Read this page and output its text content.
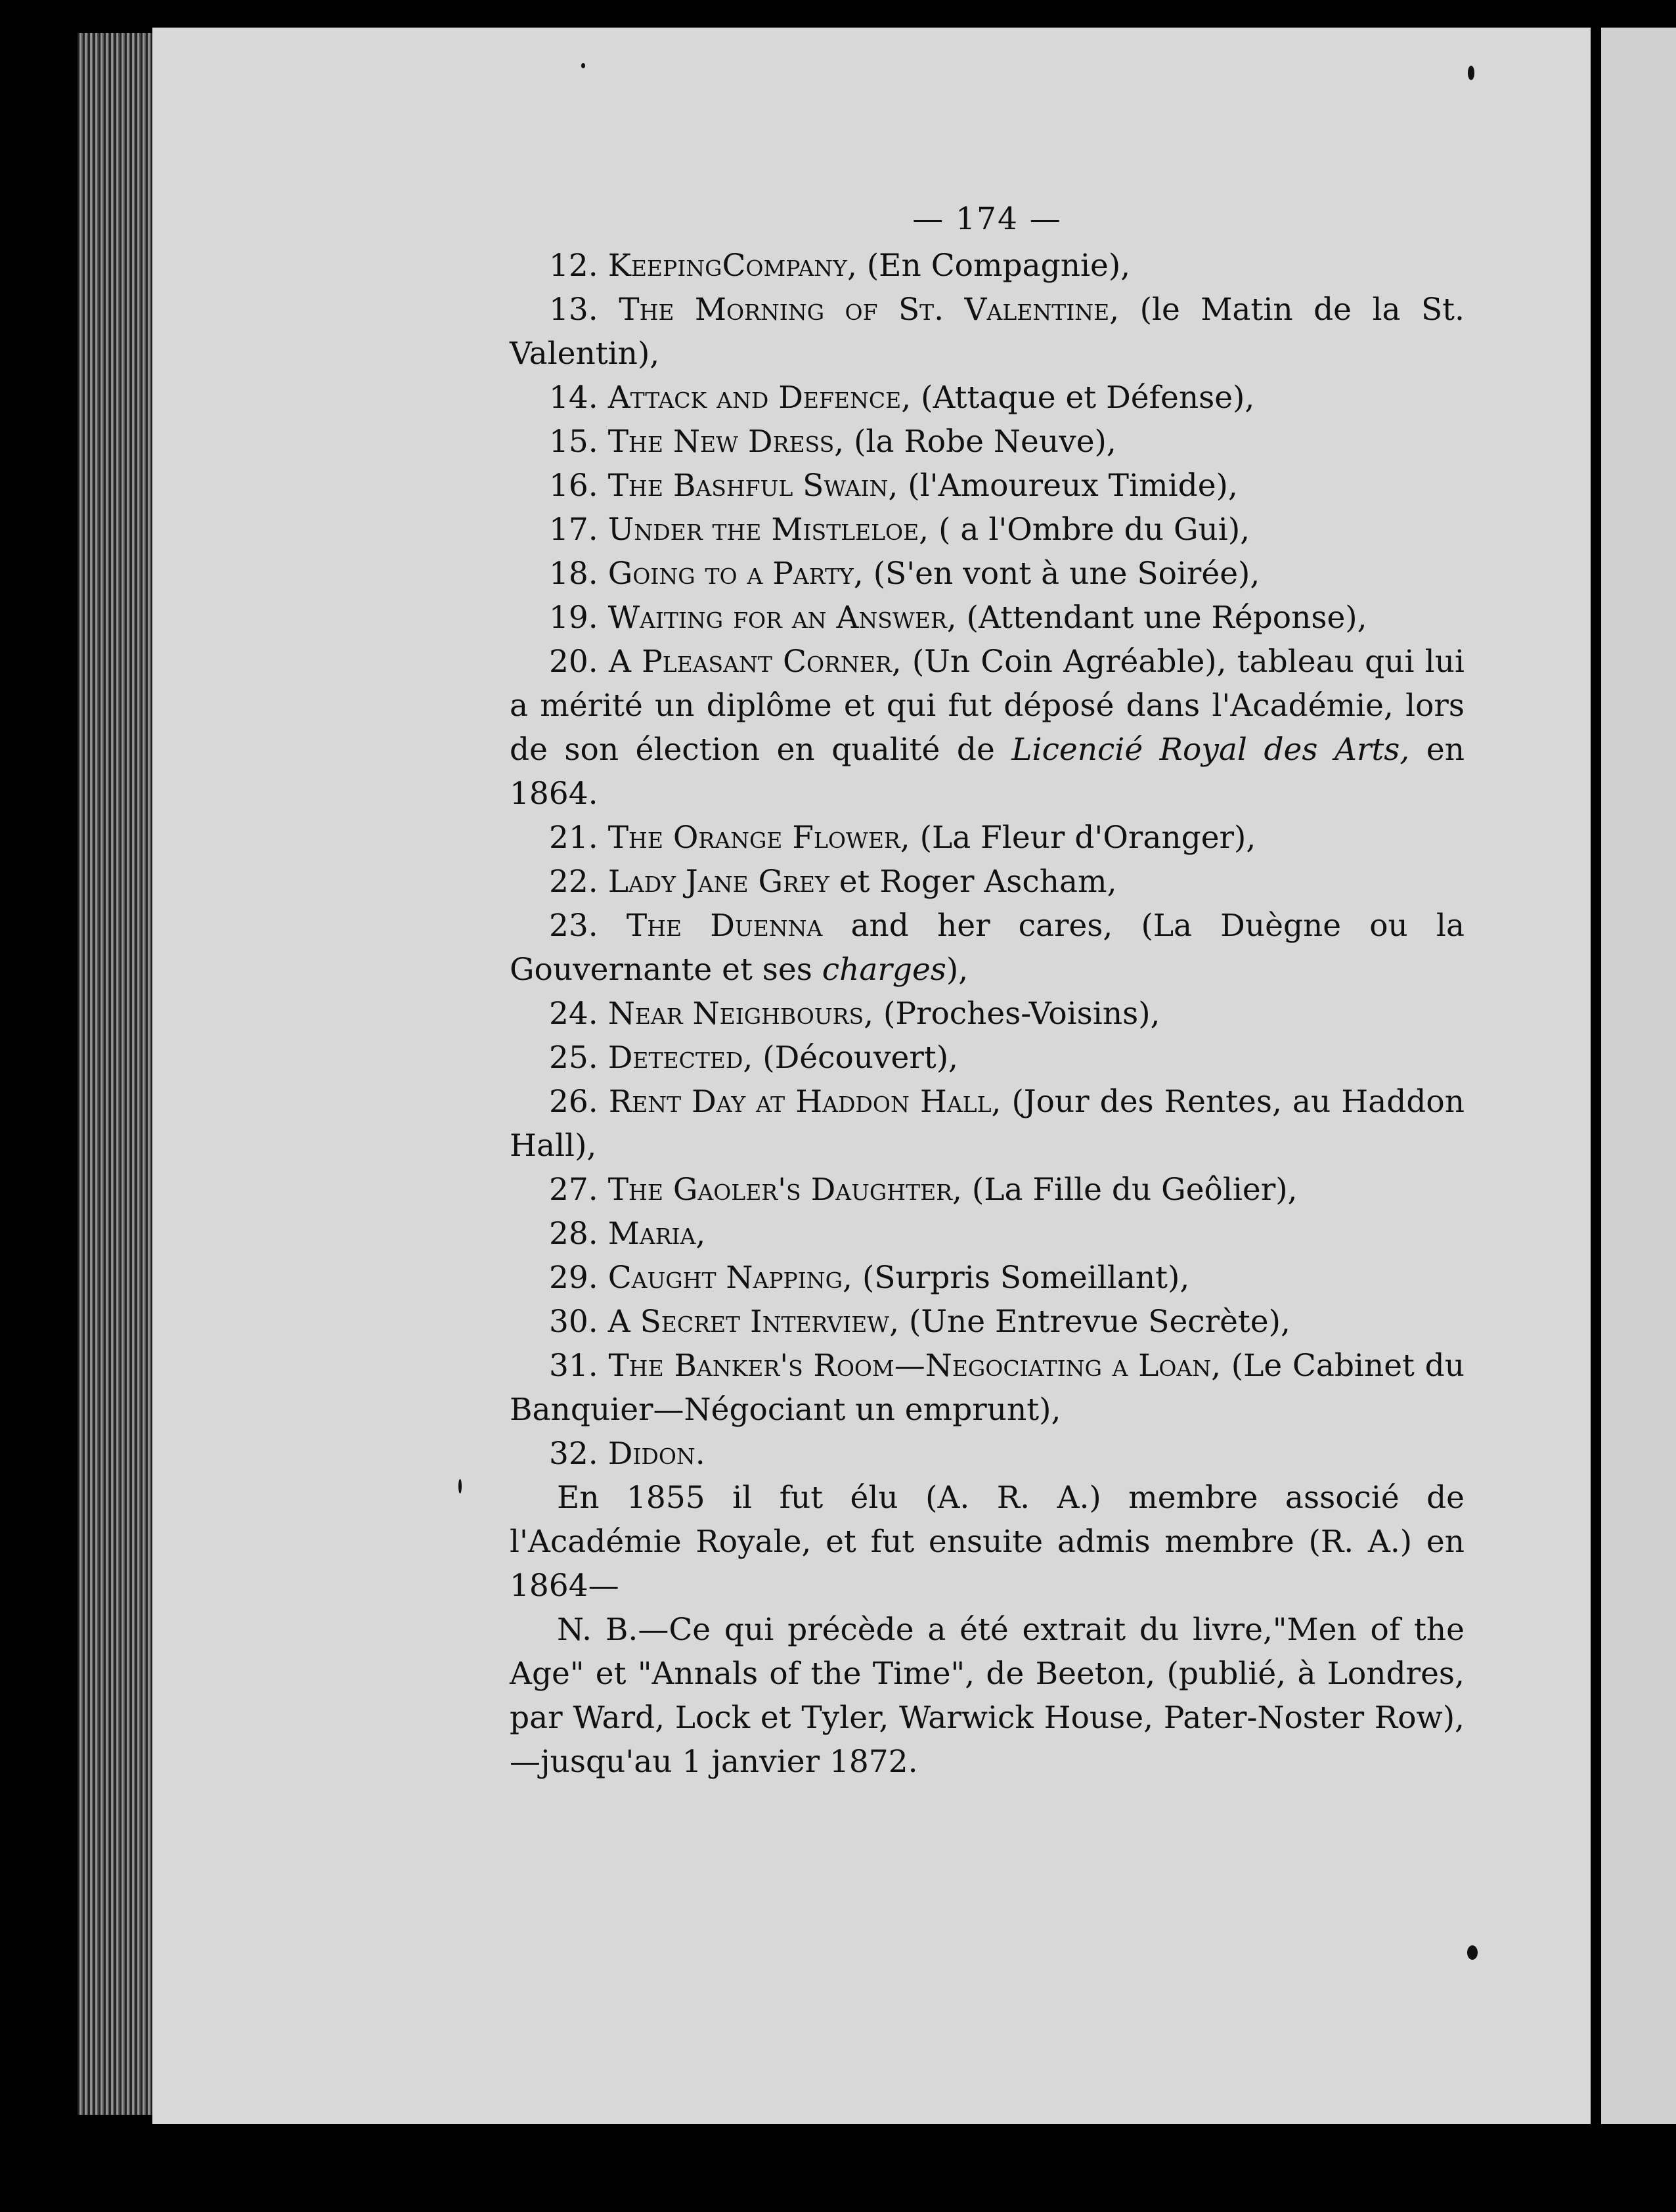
— 174 —

12. KeepingCompany, (En Compagnie),

13. The Morning of St. Valentine, (le Matin de la St. Valentin),

14. Attack and Defence, (Attaque et Défense),

15. The New Dress, (la Robe Neuve),

16. The Bashful Swain, (l'Amoureux Timide),

17. Under the Mistleloe, ( a l'Ombre du Gui),

18. Going to a Party, (S'en vont à une Soirée),

19. Waiting for an Answer, (Attendant une Réponse),

20. A Pleasant Corner, (Un Coin Agréable), tableau qui lui a mérité un diplôme et qui fut déposé dans l'Académie, lors de son élection en qualité de Licencié Royal des Arts, en 1864.

21. The Orange Flower, (La Fleur d'Oranger),

22. Lady Jane Grey et Roger Ascham,

23. The Duenna and her cares, (La Duègne ou la Gouvernante et ses charges),

24. Near Neighbours, (Proches-Voisins),

25. Detected, (Découvert),

26. Rent Day at Haddon Hall, (Jour des Rentes, au Haddon Hall),

27. The Gaoler's Daughter, (La Fille du Geôlier),

28. Maria,

29. Caught Napping, (Surpris Someillant),

30. A Secret Interview, (Une Entrevue Secrète),

31. The Banker's Room—Negociating a Loan, (Le Cabinet du Banquier—Négociant un emprunt),

32. Didon.

En 1855 il fut élu (A. R. A.) membre associé de l'Académie Royale, et fut ensuite admis membre (R. A.) en 1864—

N. B.—Ce qui précède a été extrait du livre,"Men of the Age" et "Annals of the Time", de Beeton, (publié, à Londres, par Ward, Lock et Tyler, Warwick House, Pater-Noster Row),—jusqu'au 1 janvier 1872.
